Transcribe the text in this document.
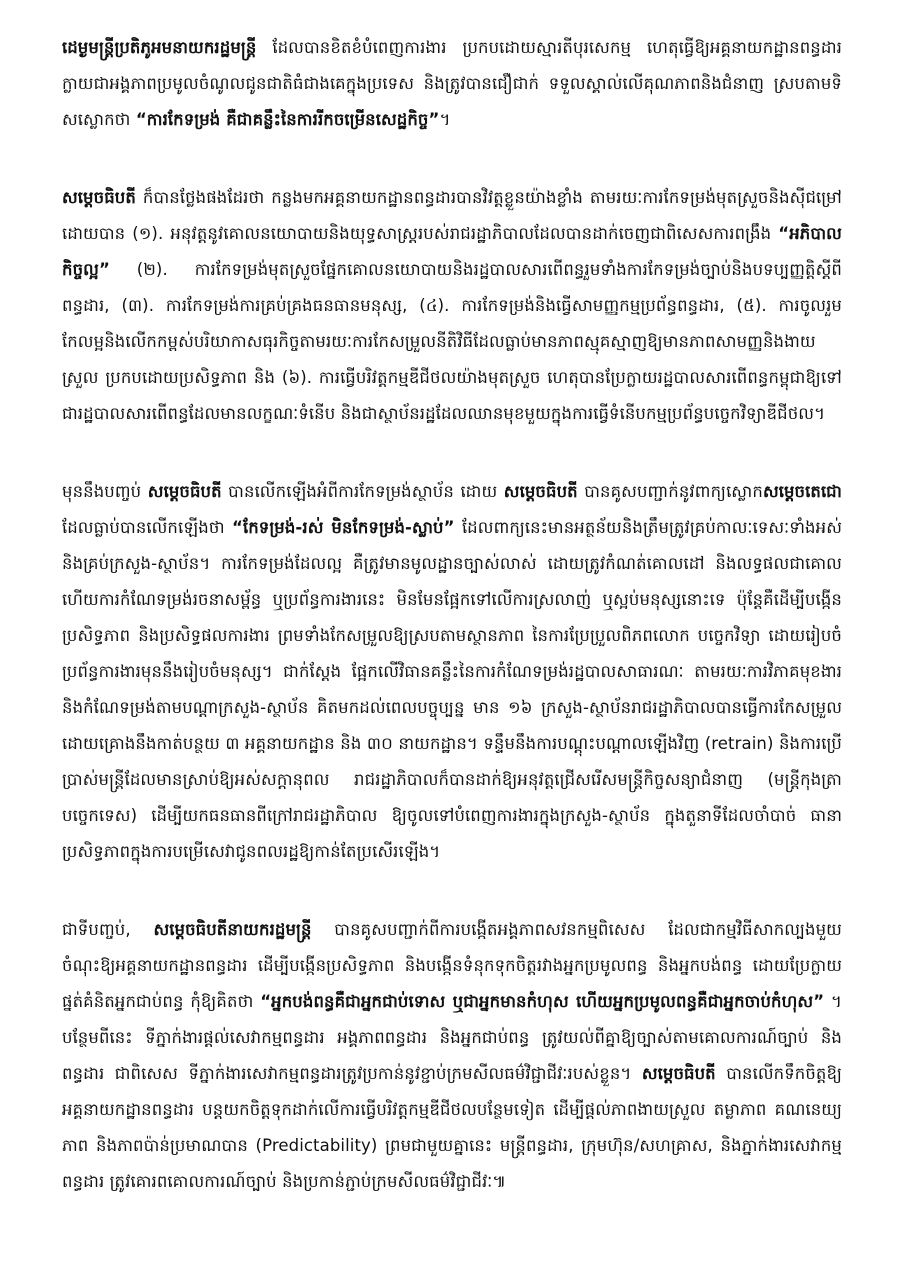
ដេម្ងមន្ត្រីប្រតិភូអមនាយករដ្ឋមន្ត្រី ដែលបានខិតខំបំពេញការងារ ប្រកបដោយស្មារតីបុរសេកម្ម ហេតុធ្វើឱ្យអគ្គនាយកដ្ឋានពន្ធដារ ក្លាយជាអង្គភាពប្រមូលចំណូលជូនជាតិធំជាងគេក្នុងប្រទេស និងត្រូវបានជឿជាក់ ទទួលស្គាល់លើគុណភាពនិងជំនាញ ស្របតាមទិសស្លោកថា “ការកែទម្រង់ គឺជាគន្លឹះនៃការរីកចម្រើនសេដ្ឋកិច្ច”។

សម្ដេចធិបតី ក៏បានថ្លែងផងដែរថា កន្លងមកអគ្គនាយកដ្ឋានពន្ធដារបានវិវត្តខ្លួនយ៉ាងខ្លាំង តាមរយៈការកែទម្រង់មុតស្រួចនិងស៊ីជម្រៅ ដោយបាន (១). អនុវត្តនូវគោលនយោបាយនិងយុទ្ធសាស្ត្ររបស់រាជរដ្ឋាភិបាលដែលបានដាក់ចេញជាពិសេសការពង្រឹង “អភិបាលកិច្ចល្អ” (២). ការកែទម្រង់មុតស្រួចផ្នែកគោលនយោបាយនិងរដ្ឋបាលសារពើពន្ធរួមទាំងការកែទម្រង់ច្បាប់និងបទប្បញ្ញត្តិស្ដីពីពន្ធដារ, (៣). ការកែទម្រង់ការគ្រប់គ្រងធនធានមនុស្ស, (៤). ការកែទម្រង់និងធ្វើសាមញ្ញកម្មប្រព័ន្ធពន្ធដារ, (៥). ការចូលរួមកែលម្អនិងលើកកម្ពស់បរិយាកាសធុរកិច្ចតាមរយៈការកែសម្រួលនីតិវិធីដែលធ្លាប់មានភាពស្មុគស្មាញឱ្យមានភាពសាមញ្ញនិងងាយស្រួល ប្រកបដោយប្រសិទ្ធភាព និង (៦). ការធ្វើបរិវត្តកម្មឌីជីថលយ៉ាងមុតស្រួច ហេតុបានប្រែក្លាយរដ្ឋបាលសារពើពន្ធកម្ពុជាឱ្យទៅជារដ្ឋបាលសារពើពន្ធដែលមានលក្ខណៈទំនើប និងជាស្ថាប័នរដ្ឋដែលឈានមុខមួយក្នុងការធ្វើទំនើបកម្មប្រព័ន្ធបច្ចេកវិទ្យាឌីជីថល។

មុននឹងបញ្ចប់ សម្ដេចធិបតី បានលើកឡើងអំពីការកែទម្រង់ស្ថាប័ន ដោយ សម្ដេចធិបតី បានគូសបញ្ជាក់នូវពាក្យស្លោកសម្ដេចតេជោ ដែលធ្លាប់បានលើកឡើងថា “កែទម្រង់-រស់ មិនកែទម្រង់-ស្លាប់” ដែលពាក្យនេះមានអត្ថន័យនិងត្រឹមត្រូវគ្រប់កាលៈទេសៈទាំងអស់ និងគ្រប់ក្រសួង-ស្ថាប័ន។ ការកែទម្រង់ដែលល្អ គឺត្រូវមានមូលដ្ឋានច្បាស់លាស់ ដោយត្រូវកំណត់គោលដៅ និងលទ្ធផលជាគោល ហើយការកំណែទម្រង់រចនាសម្ព័ន្ធ ឬប្រព័ន្ធការងារនេះ មិនមែនផ្អែកទៅលើការស្រលាញ់ ឬស្អប់មនុស្សនោះទេ ប៉ុន្តែគឺដើម្បីបង្កើនប្រសិទ្ធភាព និងប្រសិទ្ធផលការងារ ព្រមទាំងកែសម្រួលឱ្យស្របតាមស្ថានភាព នៃការប្រែប្រួលពិភពលោក បច្ចេកវិទ្យា ដោយរៀបចំប្រព័ន្ធការងារមុននឹងរៀបចំមនុស្ស។ ជាក់ស្តែង ផ្អែកលើវិធានគន្លឹះនៃការកំណែទម្រង់រដ្ឋបាលសាធារណៈ តាមរយៈការវិភាគមុខងារ និងកំណែទម្រង់តាមបណ្តាក្រសួង-ស្ថាប័ន គិតមកដល់ពេលបច្ចុប្បន្ន មាន ១៦ ក្រសួង-ស្ថាប័នរាជរដ្ឋាភិបាលបានធ្វើការកែសម្រួល ដោយគ្រោងនឹងកាត់បន្ថយ ៣ អគ្គនាយកដ្ឋាន និង ៣០ នាយកដ្ឋាន។ ទន្ទឹមនឹងការបណ្តុះបណ្តាលឡើងវិញ (retrain) និងការប្រើប្រាស់មន្ត្រីដែលមានស្រាប់ឱ្យអស់សក្តានុពល រាជរដ្ឋាភិបាលក៏បានដាក់ឱ្យអនុវត្តជ្រើសរើសមន្ត្រីកិច្ចសន្យាជំនាញ (មន្ត្រីកុងត្រាបច្ចេកទេស) ដើម្បីយកធនធានពីក្រៅរាជរដ្ឋាភិបាល ឱ្យចូលទៅបំពេញការងារក្នុងក្រសួង-ស្ថាប័ន ក្នុងតួនាទីដែលចាំបាច់ ធានាប្រសិទ្ធភាពក្នុងការបម្រើសេវាជូនពលរដ្ឋឱ្យកាន់តែប្រសើរឡើង។

ជាទីបញ្ចប់, សម្ដេចធិបតីនាយករដ្ឋមន្ត្រី បានគូសបញ្ជាក់ពីការបង្កើតអង្គភាពសវនកម្មពិសេស ដែលជាកម្មវិធីសាកល្បងមួយ ចំណុះឱ្យអគ្គនាយកដ្ឋានពន្ធដារ ដើម្បីបង្កើនប្រសិទ្ធភាព និងបង្កើនទំនុកទុកចិត្តរវាងអ្នកប្រមូលពន្ធ និងអ្នកបង់ពន្ធ ដោយប្រែក្លាយផ្នត់គំនិតអ្នកជាប់ពន្ធ កុំឱ្យគិតថា “អ្នកបង់ពន្ធគឺជាអ្នកជាប់ទោស ឬជាអ្នកមានកំហុស ហើយអ្នកប្រមូលពន្ធគឺជាអ្នកចាប់កំហុស” ។ បន្ថែមពីនេះ ទីភ្នាក់ងារផ្តល់សេវាកម្មពន្ធដារ អង្គភាពពន្ធដារ និងអ្នកជាប់ពន្ធ ត្រូវយល់ពីគ្នាឱ្យច្បាស់តាមគោលការណ៍ច្បាប់ និងពន្ធដារ ជាពិសេស ទីភ្នាក់ងារសេវាកម្មពន្ធដារត្រូវប្រកាន់នូវខ្ជាប់ក្រមសីលធម៌វិជ្ជាជីវៈរបស់ខ្លួន។ សម្ដេចធិបតី បានលើកទឹកចិត្តឱ្យអគ្គនាយកដ្ឋានពន្ធដារ បន្តយកចិត្តទុកដាក់លើការធ្វើបរិវត្តកម្មឌីជីថលបន្ថែមទៀត ដើម្បីផ្តល់ភាពងាយស្រួល តម្លាភាព គណនេយ្យភាព និងភាពប៉ាន់ប្រមាណបាន (Predictability) ព្រមជាមួយគ្នានេះ មន្ត្រីពន្ធដារ, ក្រុមហ៊ុន/សហគ្រាស, និងភ្នាក់ងារសេវាកម្មពន្ធដារ ត្រូវគោរពគោលការណ៍ច្បាប់ និងប្រកាន់ភ្ជាប់ក្រមសីលធម៌វិជ្ជាជីវៈ៕
